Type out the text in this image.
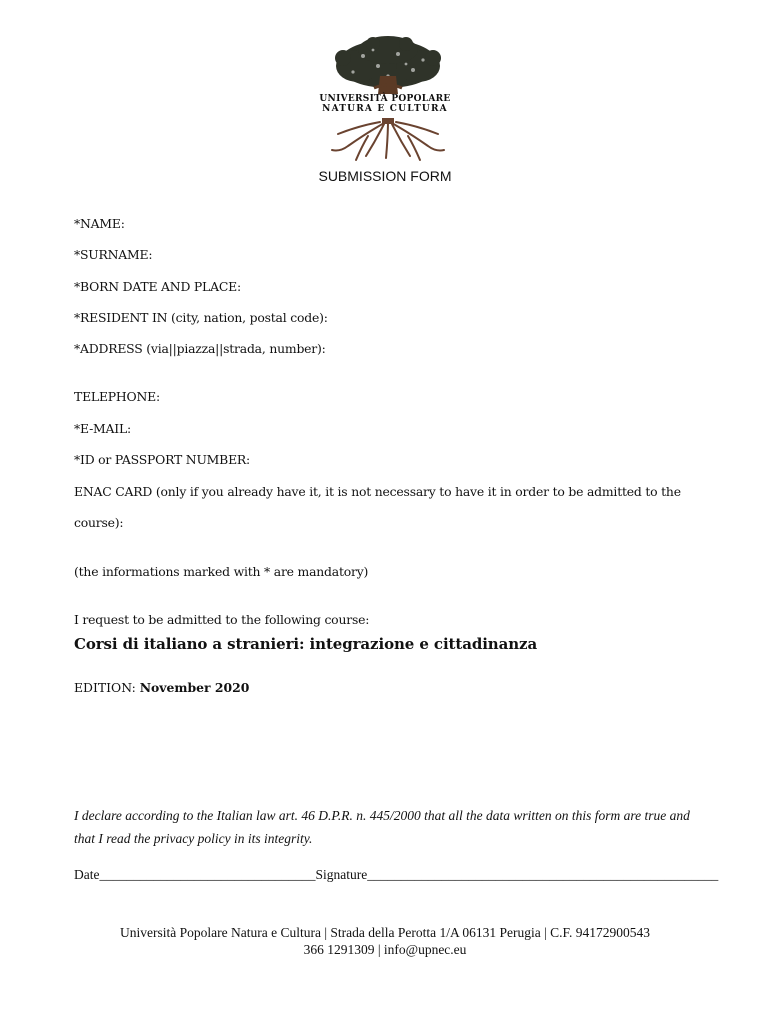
UNIVERSITÀ POPOLARE
NATURA E CULTURA
SUBMISSION FORM
*NAME:
*SURNAME:
*BORN DATE AND PLACE:
*RESIDENT IN (city, nation, postal code):
*ADDRESS (via||piazza||strada, number):
TELEPHONE:
*E-MAIL:
*ID or PASSPORT NUMBER:
ENAC CARD (only if you already have it, it is not necessary to have it in order to be admitted to the
course):
(the informations marked with * are mandatory)
I request to be admitted to the following course:
Corsi di italiano a stranieri: integrazione e cittadinanza
EDITION: November 2020
I declare according to the Italian law art. 46 D.P.R. n. 445/2000 that all the data written on this form are true and that I read the privacy policy in its integrity.
Date________________________________Signature____________________________________________________
Università Popolare Natura e Cultura | Strada della Perotta 1/A 06131 Perugia | C.F. 94172900543
366 1291309 | info@upnec.eu
